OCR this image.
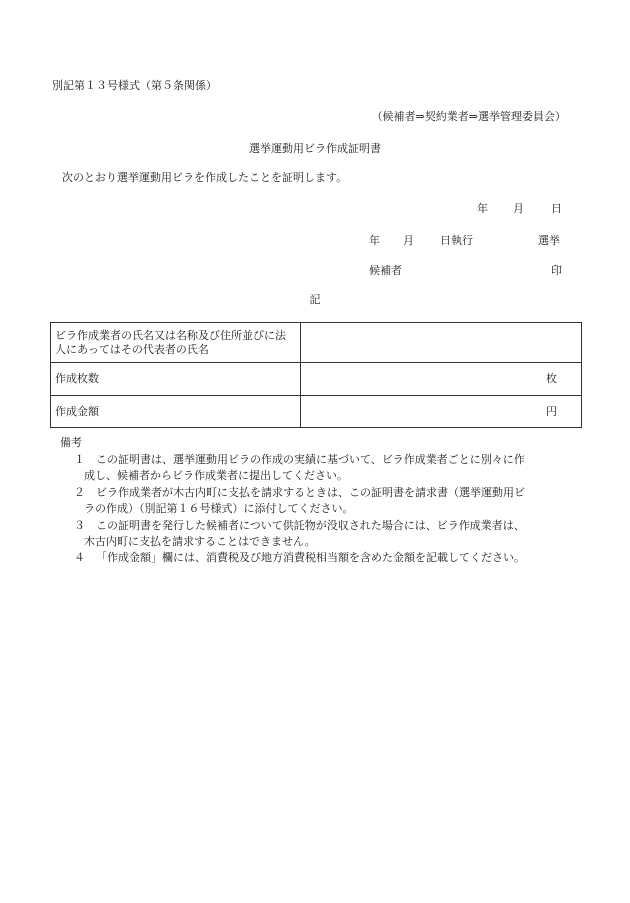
別記第１３号様式（第５条関係）
（候補者⇒契約業者⇒選挙管理委員会）
選挙運動用ビラ作成証明書
次のとおり選挙運動用ビラを作成したことを証明します。
年 月 日
年 月 日執行	選挙
候補者	印
記
ビラ作成業者の氏名又は名称及び住所並びに法人にあってはその代表者の氏名	
作成枚数	枚
作成金額	円
備考
１ この証明書は、選挙運動用ビラの作成の実績に基づいて、ビラ作成業者ごとに別々に作
成し、候補者からビラ作成業者に提出してください。
２ ビラ作成業者が木古内町に支払を請求するときは、この証明書を請求書（選挙運動用ビ
ラの作成）（別記第１６号様式）に添付してください。
３ この証明書を発行した候補者について供託物が没収された場合には、ビラ作成業者は、
木古内町に支払を請求することはできません。
４ 「作成金額」欄には、消費税及び地方消費税相当額を含めた金額を記載してください。
